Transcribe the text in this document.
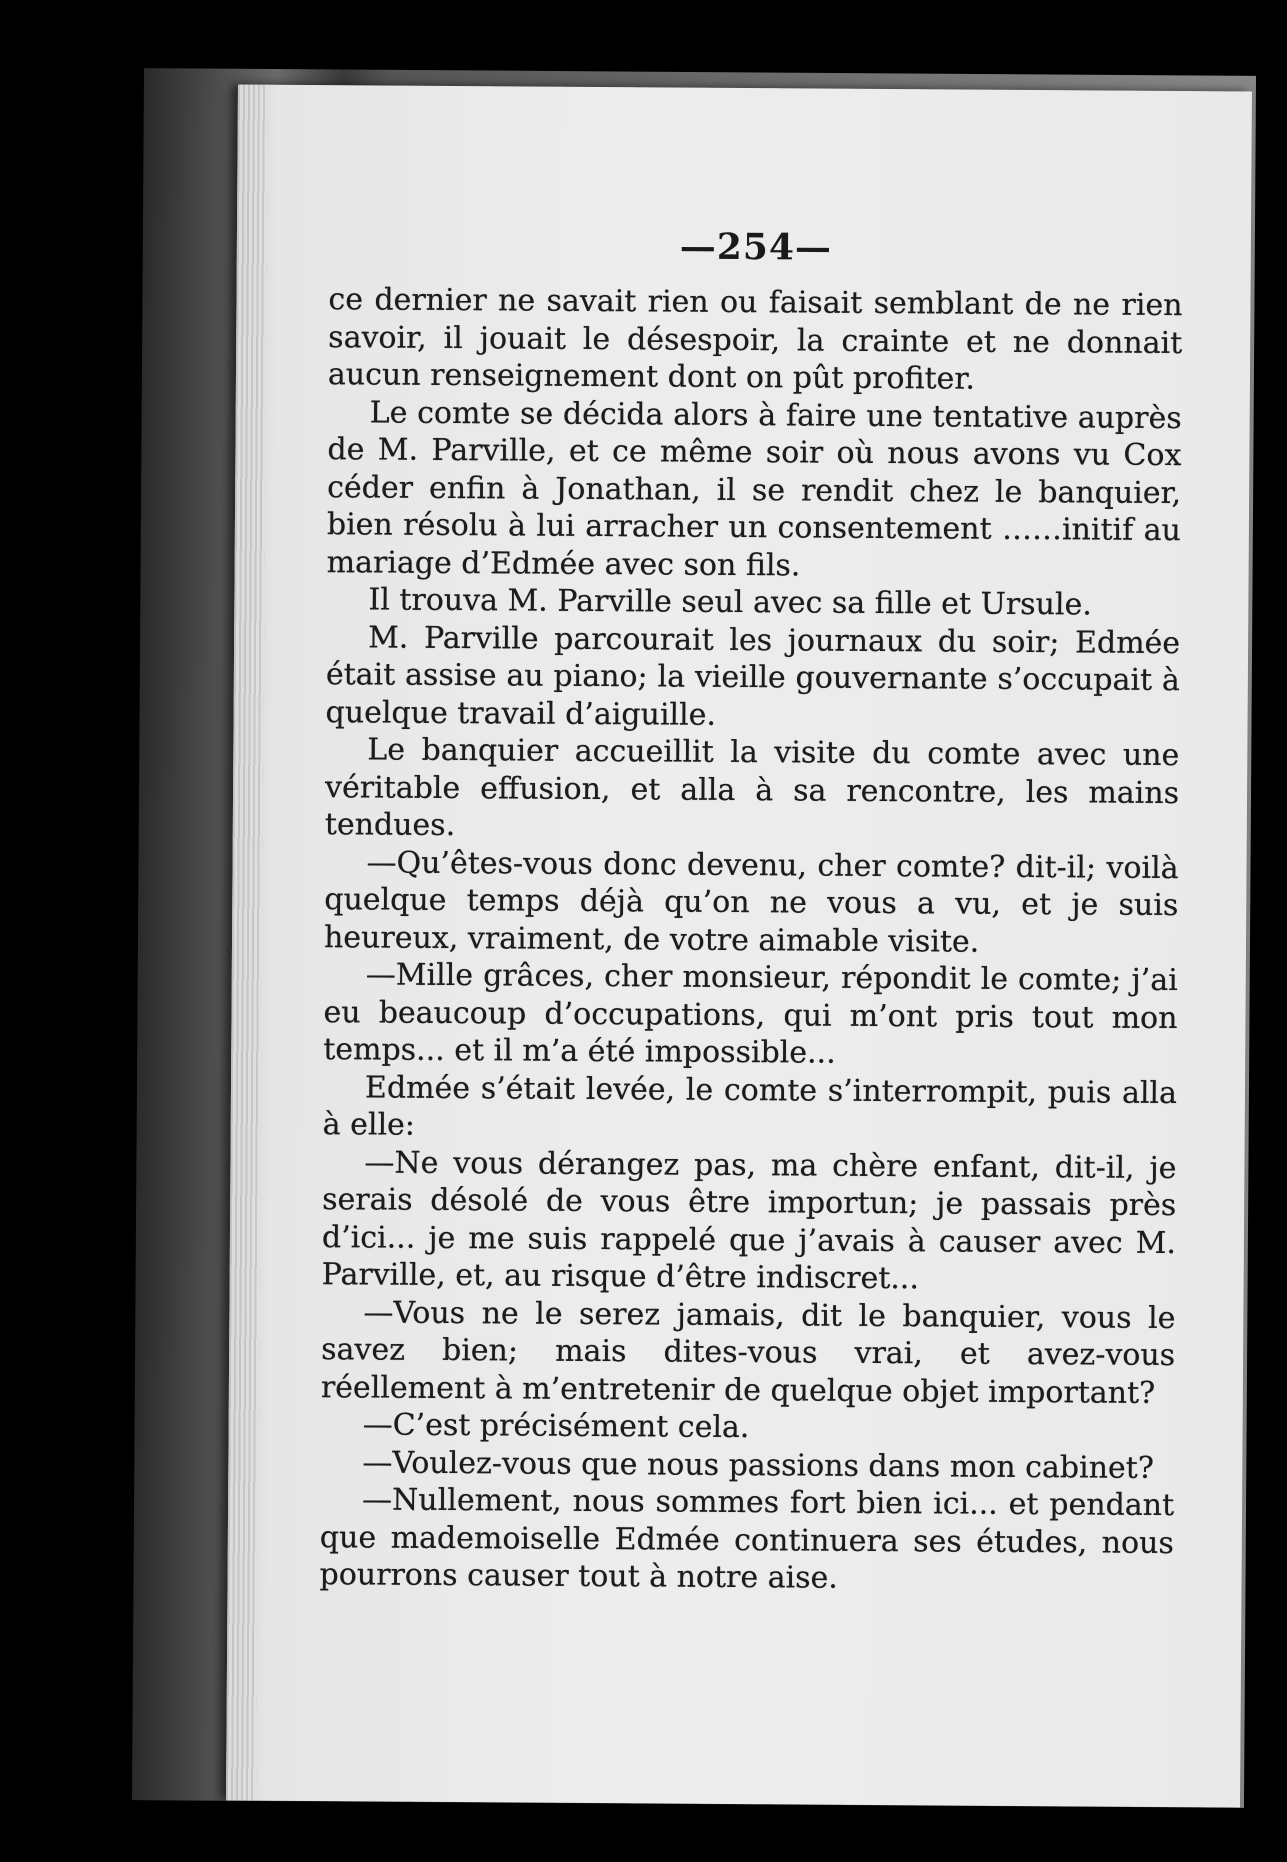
—254—

ce dernier ne savait rien ou faisait semblant de ne rien savoir, il jouait le désespoir, la crainte et ne donnait aucun renseignement dont on pût profiter.

Le comte se décida alors à faire une tentative auprès de M. Parville, et ce même soir où nous avons vu Cox céder enfin à Jonathan, il se rendit chez le banquier, bien résolu à lui arracher un consentement ……initif au mariage d’Edmée avec son fils.

Il trouva M. Parville seul avec sa fille et Ursule.

M. Parville parcourait les journaux du soir; Edmée était assise au piano; la vieille gouvernante s’occupait à quelque travail d’aiguille.

Le banquier accueillit la visite du comte avec une véritable effusion, et alla à sa rencontre, les mains tendues.

—Qu’êtes-vous donc devenu, cher comte? dit-il; voilà quelque temps déjà qu’on ne vous a vu, et je suis heureux, vraiment, de votre aimable visite.

—Mille grâces, cher monsieur, répondit le comte; j’ai eu beaucoup d’occupations, qui m’ont pris tout mon temps... et il m’a été impossible...

Edmée s’était levée, le comte s’interrompit, puis alla à elle:

—Ne vous dérangez pas, ma chère enfant, dit-il, je serais désolé de vous être importun; je passais près d’ici... je me suis rappelé que j’avais à causer avec M. Parville, et, au risque d’être indiscret...

—Vous ne le serez jamais, dit le banquier, vous le savez bien; mais dites-vous vrai, et avez-vous réellement à m’entretenir de quelque objet important?

—C’est précisément cela.

—Voulez-vous que nous passions dans mon cabinet?

—Nullement, nous sommes fort bien ici... et pendant que mademoiselle Edmée continuera ses études, nous pourrons causer tout à notre aise.
